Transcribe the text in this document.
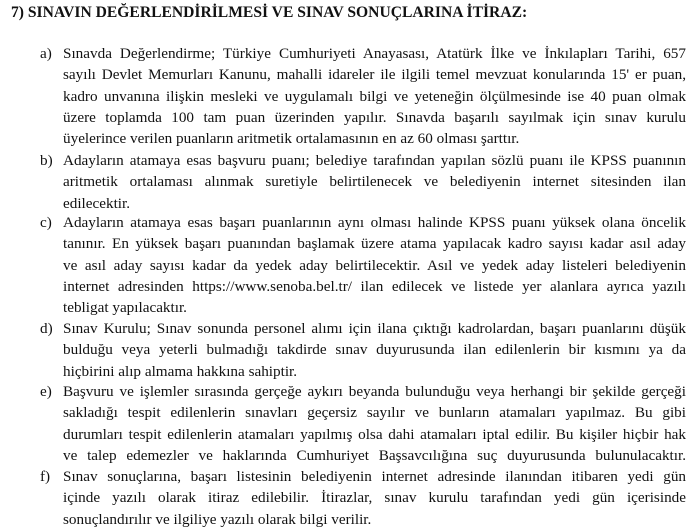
7) SINAVIN DEĞERLENDİRİLMESİ VE SINAV SONUÇLARINA İTİRAZ:
a) Sınavda Değerlendirme; Türkiye Cumhuriyeti Anayasası, Atatürk İlke ve İnkılapları Tarihi, 657
sayılı Devlet Memurları Kanunu, mahalli idareler ile ilgili temel mevzuat konularında 15' er puan,
kadro unvanına ilişkin mesleki ve uygulamalı bilgi ve yeteneğin ölçülmesinde ise 40 puan olmak
üzere toplamda 100 tam puan üzerinden yapılır. Sınavda başarılı sayılmak için sınav kurulu
üyelerince verilen puanların aritmetik ortalamasının en az 60 olması şarttır.
b) Adayların atamaya esas başvuru puanı; belediye tarafından yapılan sözlü puanı ile KPSS puanının
aritmetik ortalaması alınmak suretiyle belirtilenecek ve belediyenin internet sitesinden ilan
edilecektir.
c) Adayların atamaya esas başarı puanlarının aynı olması halinde KPSS puanı yüksek olana öncelik
tanınır. En yüksek başarı puanından başlamak üzere atama yapılacak kadro sayısı kadar asıl aday
ve asıl aday sayısı kadar da yedek aday belirtilecektir. Asıl ve yedek aday listeleri belediyenin
internet adresinden https://www.senoba.bel.tr/ ilan edilecek ve listede yer alanlara ayrıca yazılı
tebligat yapılacaktır.
d) Sınav Kurulu; Sınav sonunda personel alımı için ilana çıktığı kadrolardan, başarı puanlarını düşük
bulduğu veya yeterli bulmadığı takdirde sınav duyurusunda ilan edilenlerin bir kısmını ya da
hiçbirini alıp almama hakkına sahiptir.
e) Başvuru ve işlemler sırasında gerçeğe aykırı beyanda bulunduğu veya herhangi bir şekilde gerçeği
sakladığı tespit edilenlerin sınavları geçersiz sayılır ve bunların atamaları yapılmaz. Bu gibi
durumları tespit edilenlerin atamaları yapılmış olsa dahi atamaları iptal edilir. Bu kişiler hiçbir hak
ve talep edemezler ve haklarında Cumhuriyet Başsavcılığına suç duyurusunda bulunulacaktır.
f) Sınav sonuçlarına, başarı listesinin belediyenin internet adresinde ilanından itibaren yedi gün
içinde yazılı olarak itiraz edilebilir. İtirazlar, sınav kurulu tarafından yedi gün içerisinde
sonuçlandırılır ve ilgiliye yazılı olarak bilgi verilir.
